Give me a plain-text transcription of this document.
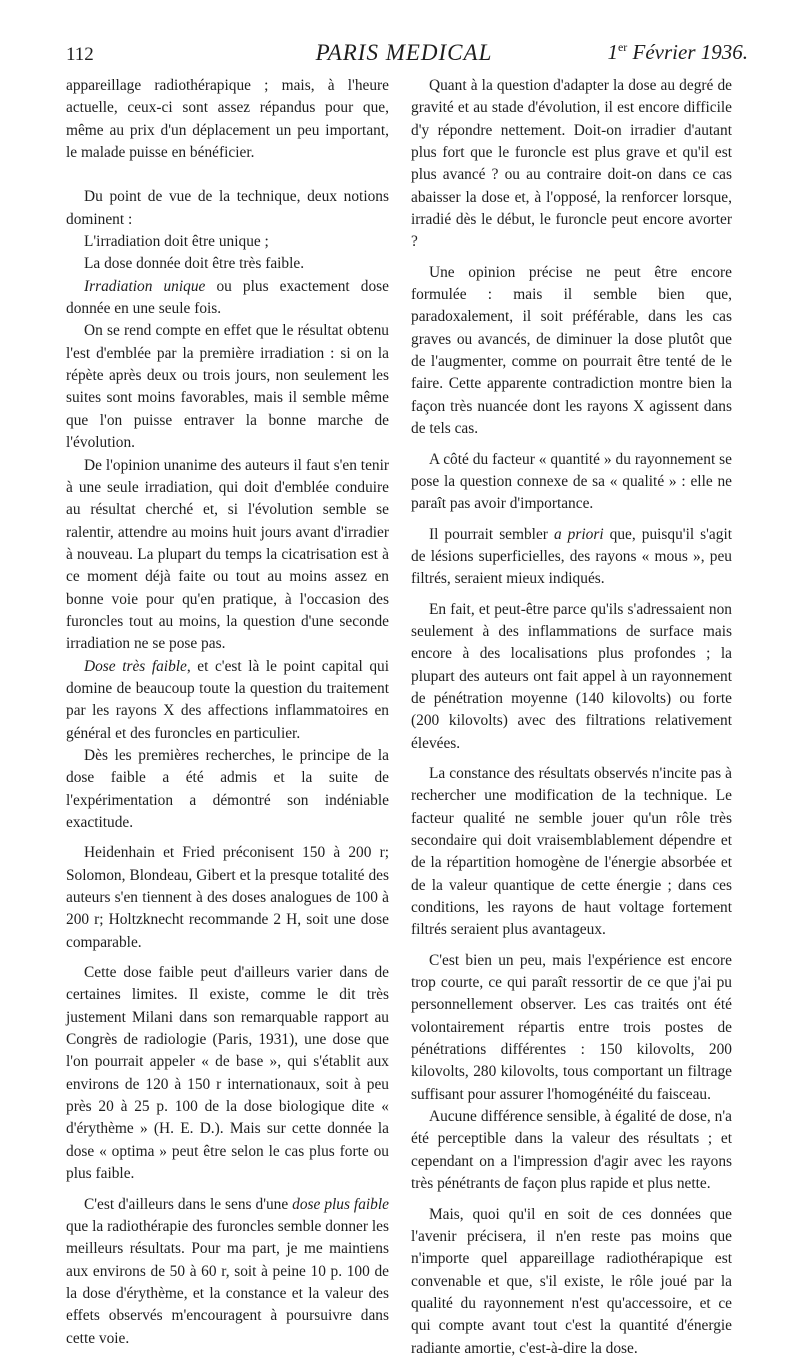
112	PARIS MEDICAL	1er Février 1936.

appareillage radiothérapique ; mais, à l'heure actuelle, ceux-ci sont assez répandus pour que, même au prix d'un déplacement un peu important, le malade puisse en bénéficier.

Du point de vue de la technique, deux notions dominent :

L'irradiation doit être unique ;

La dose donnée doit être très faible.

Irradiation unique ou plus exactement dose donnée en une seule fois.

On se rend compte en effet que le résultat obtenu l'est d'emblée par la première irradiation : si on la répète après deux ou trois jours, non seulement les suites sont moins favorables, mais il semble même que l'on puisse entraver la bonne marche de l'évolution.

De l'opinion unanime des auteurs il faut s'en tenir à une seule irradiation, qui doit d'emblée conduire au résultat cherché et, si l'évolution semble se ralentir, attendre au moins huit jours avant d'irradier à nouveau. La plupart du temps la cicatrisation est à ce moment déjà faite ou tout au moins assez en bonne voie pour qu'en pratique, à l'occasion des furoncles tout au moins, la question d'une seconde irradiation ne se pose pas.

Dose très faible, et c'est là le point capital qui domine de beaucoup toute la question du traitement par les rayons X des affections inflammatoires en général et des furoncles en particulier.

Dès les premières recherches, le principe de la dose faible a été admis et la suite de l'expérimentation a démontré son indéniable exactitude.

Heidenhain et Fried préconisent 150 à 200 r; Solomon, Blondeau, Gibert et la presque totalité des auteurs s'en tiennent à des doses analogues de 100 à 200 r; Holtzknecht recommande 2 H, soit une dose comparable.

Cette dose faible peut d'ailleurs varier dans de certaines limites. Il existe, comme le dit très justement Milani dans son remarquable rapport au Congrès de radiologie (Paris, 1931), une dose que l'on pourrait appeler « de base », qui s'établit aux environs de 120 à 150 r internationaux, soit à peu près 20 à 25 p. 100 de la dose biologique dite « d'érythème » (H. E. D.). Mais sur cette donnée la dose « optima » peut être selon le cas plus forte ou plus faible.

C'est d'ailleurs dans le sens d'une dose plus faible que la radiothérapie des furoncles semble donner les meilleurs résultats. Pour ma part, je me maintiens aux environs de 50 à 60 r, soit à peine 10 p. 100 de la dose d'érythème, et la constance et la valeur des effets observés m'encouragent à poursuivre dans cette voie.

Quant à la question d'adapter la dose au degré de gravité et au stade d'évolution, il est encore difficile d'y répondre nettement. Doit-on irradier d'autant plus fort que le furoncle est plus grave et qu'il est plus avancé ? ou au contraire doit-on dans ce cas abaisser la dose et, à l'opposé, la renforcer lorsque, irradié dès le début, le furoncle peut encore avorter ?

Une opinion précise ne peut être encore formulée : mais il semble bien que, paradoxalement, il soit préférable, dans les cas graves ou avancés, de diminuer la dose plutôt que de l'augmenter, comme on pourrait être tenté de le faire. Cette apparente contradiction montre bien la façon très nuancée dont les rayons X agissent dans de tels cas.

A côté du facteur « quantité » du rayonnement se pose la question connexe de sa « qualité » : elle ne paraît pas avoir d'importance.

Il pourrait sembler a priori que, puisqu'il s'agit de lésions superficielles, des rayons « mous », peu filtrés, seraient mieux indiqués.

En fait, et peut-être parce qu'ils s'adressaient non seulement à des inflammations de surface mais encore à des localisations plus profondes ; la plupart des auteurs ont fait appel à un rayonnement de pénétration moyenne (140 kilovolts) ou forte (200 kilovolts) avec des filtrations relativement élevées.

La constance des résultats observés n'incite pas à rechercher une modification de la technique. Le facteur qualité ne semble jouer qu'un rôle très secondaire qui doit vraisemblablement dépendre et de la répartition homogène de l'énergie absorbée et de la valeur quantique de cette énergie ; dans ces conditions, les rayons de haut voltage fortement filtrés seraient plus avantageux.

C'est bien un peu, mais l'expérience est encore trop courte, ce qui paraît ressortir de ce que j'ai pu personnellement observer. Les cas traités ont été volontairement répartis entre trois postes de pénétrations différentes : 150 kilovolts, 200 kilovolts, 280 kilovolts, tous comportant un filtrage suffisant pour assurer l'homogénéité du faisceau.

Aucune différence sensible, à égalité de dose, n'a été perceptible dans la valeur des résultats ; et cependant on a l'impression d'agir avec les rayons très pénétrants de façon plus rapide et plus nette.

Mais, quoi qu'il en soit de ces données que l'avenir précisera, il n'en reste pas moins que n'importe quel appareillage radiothérapique est convenable et que, s'il existe, le rôle joué par la qualité du rayonnement n'est qu'accessoire, et ce qui compte avant tout c'est la quantité d'énergie radiante amortie, c'est-à-dire la dose.
